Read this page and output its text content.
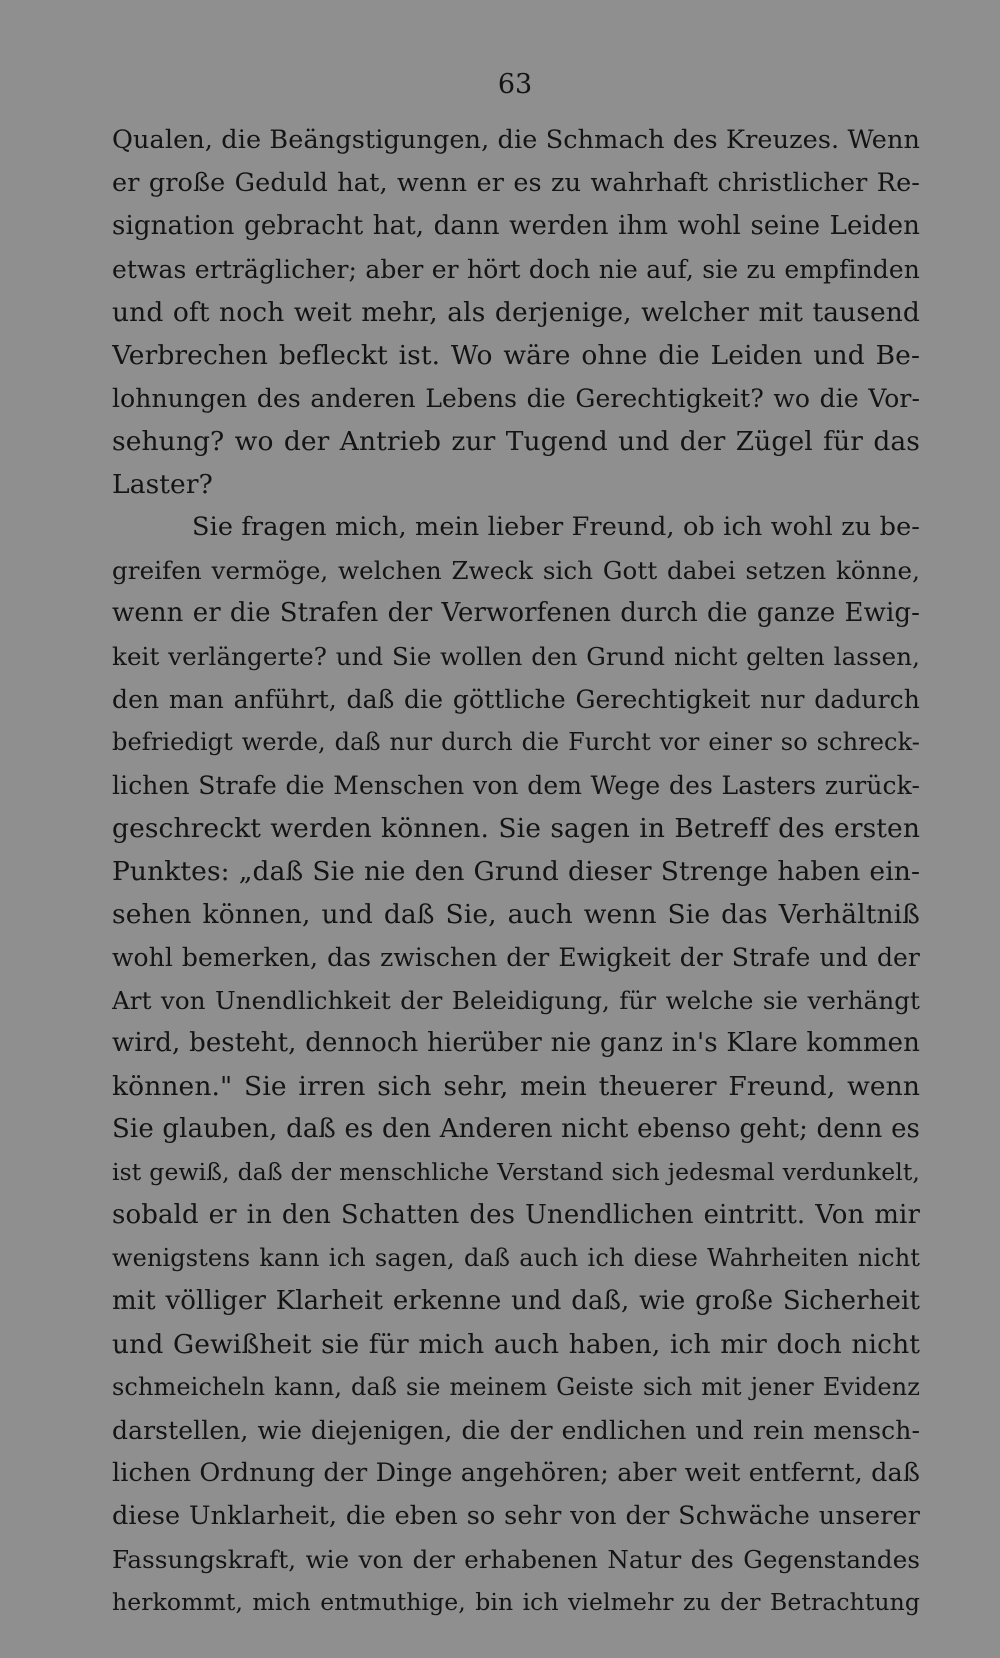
63
Qualen, die Beängstigungen, die Schmach des Kreuzes. Wenn
er große Geduld hat, wenn er es zu wahrhaft christlicher Re-
signation gebracht hat, dann werden ihm wohl seine Leiden
etwas erträglicher; aber er hört doch nie auf, sie zu empfinden
und oft noch weit mehr, als derjenige, welcher mit tausend
Verbrechen befleckt ist. Wo wäre ohne die Leiden und Be-
lohnungen des anderen Lebens die Gerechtigkeit? wo die Vor-
sehung? wo der Antrieb zur Tugend und der Zügel für das
Laster?
Sie fragen mich, mein lieber Freund, ob ich wohl zu be-
greifen vermöge, welchen Zweck sich Gott dabei setzen könne,
wenn er die Strafen der Verworfenen durch die ganze Ewig-
keit verlängerte? und Sie wollen den Grund nicht gelten lassen,
den man anführt, daß die göttliche Gerechtigkeit nur dadurch
befriedigt werde, daß nur durch die Furcht vor einer so schreck-
lichen Strafe die Menschen von dem Wege des Lasters zurück-
geschreckt werden können. Sie sagen in Betreff des ersten
Punktes: „daß Sie nie den Grund dieser Strenge haben ein-
sehen können, und daß Sie, auch wenn Sie das Verhältniß
wohl bemerken, das zwischen der Ewigkeit der Strafe und der
Art von Unendlichkeit der Beleidigung, für welche sie verhängt
wird, besteht, dennoch hierüber nie ganz in's Klare kommen
können." Sie irren sich sehr, mein theuerer Freund, wenn
Sie glauben, daß es den Anderen nicht ebenso geht; denn es
ist gewiß, daß der menschliche Verstand sich jedesmal verdunkelt,
sobald er in den Schatten des Unendlichen eintritt. Von mir
wenigstens kann ich sagen, daß auch ich diese Wahrheiten nicht
mit völliger Klarheit erkenne und daß, wie große Sicherheit
und Gewißheit sie für mich auch haben, ich mir doch nicht
schmeicheln kann, daß sie meinem Geiste sich mit jener Evidenz
darstellen, wie diejenigen, die der endlichen und rein mensch-
lichen Ordnung der Dinge angehören; aber weit entfernt, daß
diese Unklarheit, die eben so sehr von der Schwäche unserer
Fassungskraft, wie von der erhabenen Natur des Gegenstandes
herkommt, mich entmuthige, bin ich vielmehr zu der Betrachtung
